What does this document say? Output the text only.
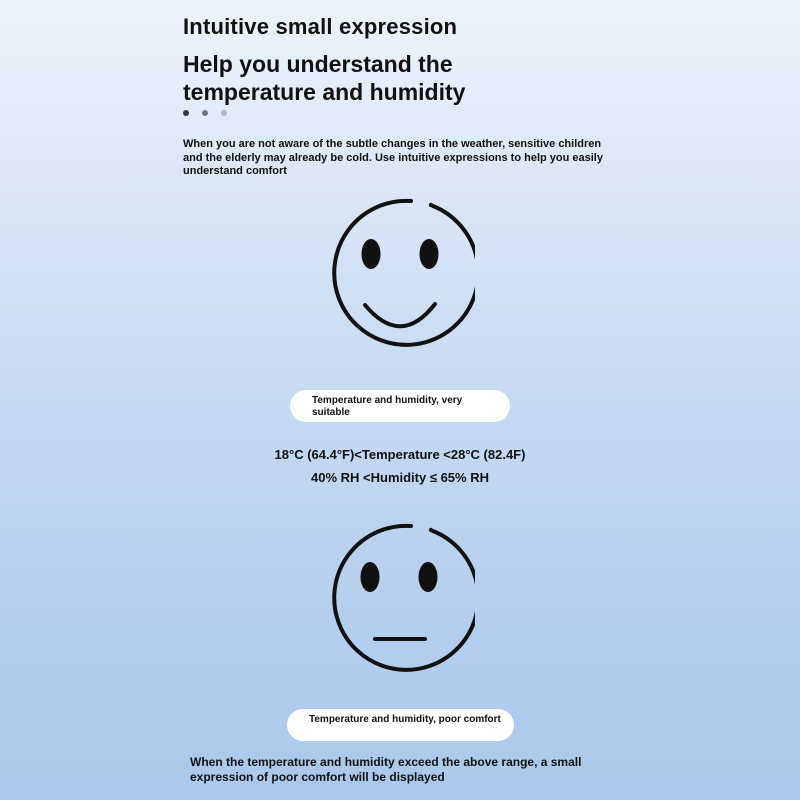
Intuitive small expression
Help you understand the temperature and humidity
When you are not aware of the subtle changes in the weather, sensitive children and the elderly may already be cold. Use intuitive expressions to help you easily understand comfort
Temperature and humidity, very suitable
18°C (64.4°F)<Temperature <28°C (82.4F)
40% RH <Humidity ≤ 65% RH
Temperature and humidity, poor comfort
When the temperature and humidity exceed the above range, a small expression of poor comfort will be displayed
